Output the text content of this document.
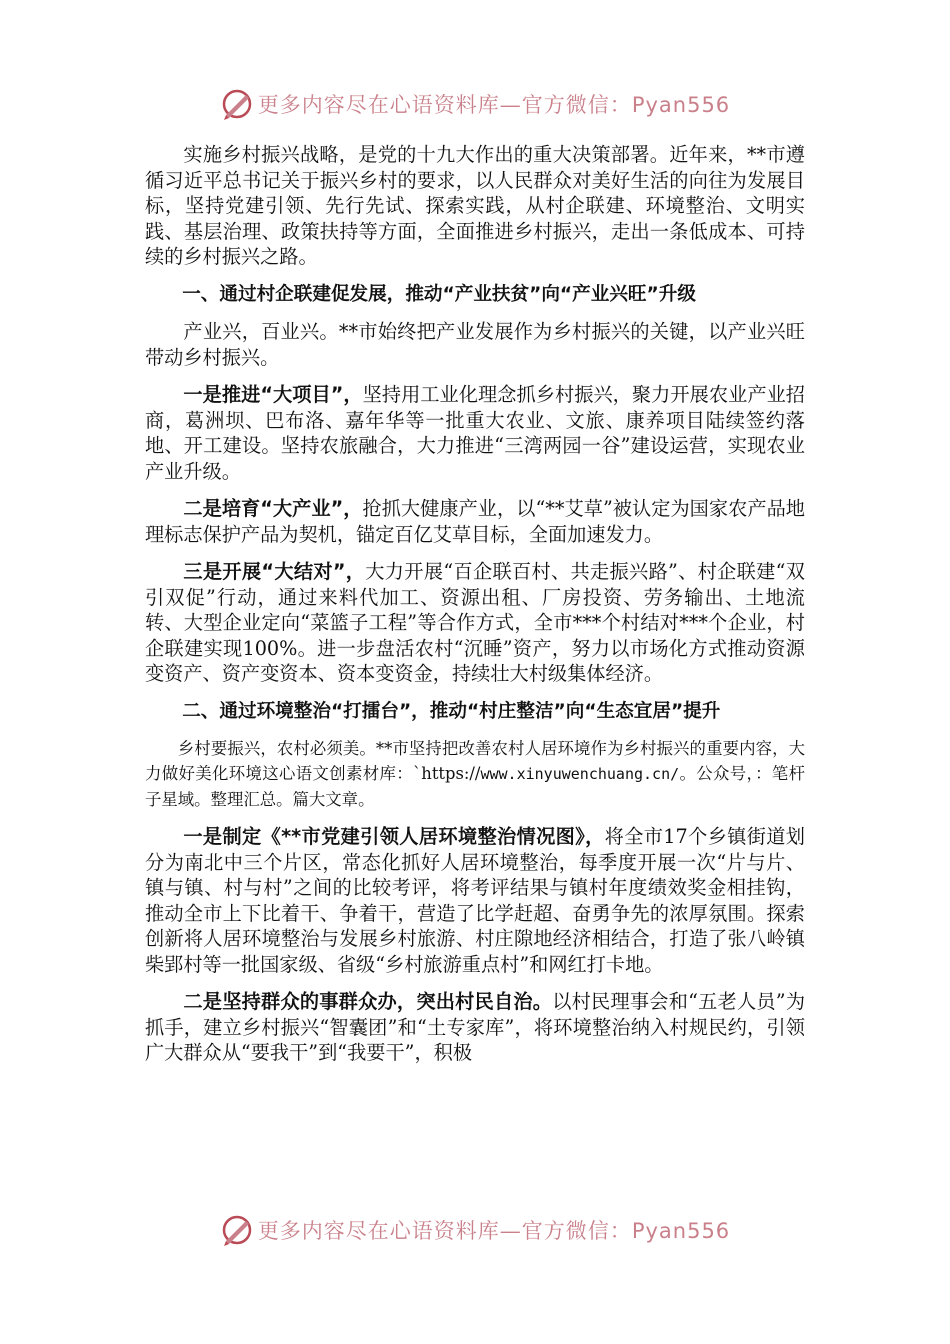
更多内容尽在心语资料库—官方微信：Pyan556

实施乡村振兴战略，是党的十九大作出的重大决策部署。近年来，**市遵循习近平总书记关于振兴乡村的要求，以人民群众对美好生活的向往为发展目标，坚持党建引领、先行先试、探索实践，从村企联建、环境整治、文明实践、基层治理、政策扶持等方面，全面推进乡村振兴，走出一条低成本、可持续的乡村振兴之路。

一、通过村企联建促发展，推动“产业扶贫”向“产业兴旺”升级

产业兴，百业兴。**市始终把产业发展作为乡村振兴的关键，以产业兴旺带动乡村振兴。

一是推进“大项目”，坚持用工业化理念抓乡村振兴，聚力开展农业产业招商，葛洲坝、巴布洛、嘉年华等一批重大农业、文旅、康养项目陆续签约落地、开工建设。坚持农旅融合，大力推进“三湾两园一谷”建设运营，实现农业产业升级。

二是培育“大产业”，抢抓大健康产业，以“**艾草”被认定为国家农产品地理标志保护产品为契机，锚定百亿艾草目标，全面加速发力。

三是开展“大结对”，大力开展“百企联百村、共走振兴路”、村企联建“双引双促”行动，通过来料代加工、资源出租、厂房投资、劳务输出、土地流转、大型企业定向“菜篮子工程”等合作方式，全市***个村结对***个企业，村企联建实现100%。进一步盘活农村“沉睡”资产，努力以市场化方式推动资源变资产、资产变资本、资本变资金，持续壮大村级集体经济。

二、通过环境整治“打擂台”，推动“村庄整洁”向“生态宜居”提升

乡村要振兴，农村必须美。**市坚持把改善农村人居环境作为乡村振兴的重要内容，大力做好美化环境这心语文创素材库：`https://www.xinyuwenchuang.cn/。公众号，：笔杆子星域。整理汇总。篇大文章。

一是制定《**市党建引领人居环境整治情况图》，将全市17个乡镇街道划分为南北中三个片区，常态化抓好人居环境整治，每季度开展一次“片与片、镇与镇、村与村”之间的比较考评，将考评结果与镇村年度绩效奖金相挂钩，推动全市上下比着干、争着干，营造了比学赶超、奋勇争先的浓厚氛围。探索创新将人居环境整治与发展乡村旅游、村庄隙地经济相结合，打造了张八岭镇柴郢村等一批国家级、省级“乡村旅游重点村”和网红打卡地。

二是坚持群众的事群众办，突出村民自治。以村民理事会和“五老人员”为抓手，建立乡村振兴“智囊团”和“土专家库”，将环境整治纳入村规民约，引领广大群众从“要我干”到“我要干”，积极

更多内容尽在心语资料库—官方微信：Pyan556
